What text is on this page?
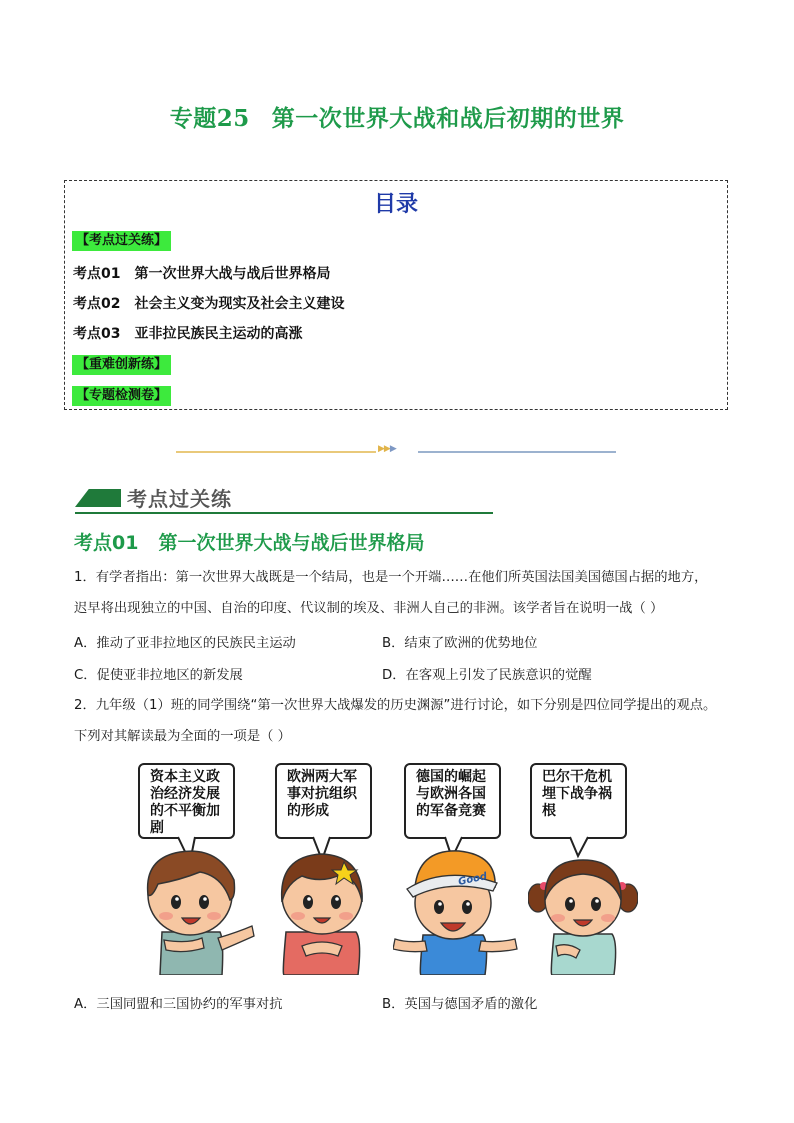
专题25 第一次世界大战和战后初期的世界
目录
【考点过关练】
考点01 第一次世界大战与战后世界格局
考点02 社会主义变为现实及社会主义建设
考点03 亚非拉民族民主运动的高涨
【重难创新练】
【专题检测卷】
▶▶▶
考点过关练
考点01 第一次世界大战与战后世界格局
1．有学者指出：第一次世界大战既是一个结局，也是一个开端……在他们所英国法国美国德国占据的地方，
迟早将出现独立的中国、自治的印度、代议制的埃及、非洲人自己的非洲。该学者旨在说明一战（ ）
A．推动了亚非拉地区的民族民主运动	B．结束了欧洲的优势地位
C．促使亚非拉地区的新发展	D．在客观上引发了民族意识的觉醒
2．九年级（1）班的同学围绕“第一次世界大战爆发的历史渊源”进行讨论，如下分别是四位同学提出的观点。
下列对其解读最为全面的一项是（ ）
资本主义政治经济发展的不平衡加剧
欧洲两大军事对抗组织的形成
德国的崛起与欧洲各国的军备竞赛
巴尔干危机埋下战争祸根
Good
A．三国同盟和三国协约的军事对抗	B．英国与德国矛盾的激化
